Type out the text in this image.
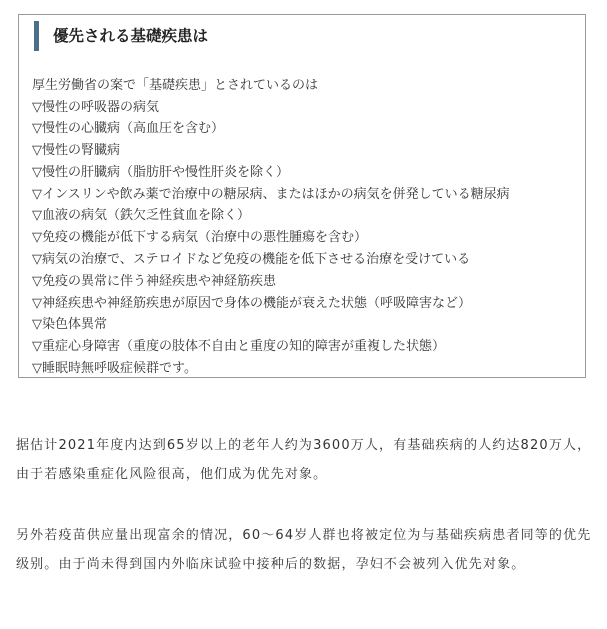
優先される基礎疾患は
厚生労働省の案で「基礎疾患」とされているのは
▽慢性の呼吸器の病気
▽慢性の心臓病（高血圧を含む）
▽慢性の腎臓病
▽慢性の肝臓病（脂肪肝や慢性肝炎を除く）
▽インスリンや飲み薬で治療中の糖尿病、またはほかの病気を併発している糖尿病
▽血液の病気（鉄欠乏性貧血を除く）
▽免疫の機能が低下する病気（治療中の悪性腫瘍を含む）
▽病気の治療で、ステロイドなど免疫の機能を低下させる治療を受けている
▽免疫の異常に伴う神経疾患や神経筋疾患
▽神経疾患や神経筋疾患が原因で身体の機能が衰えた状態（呼吸障害など）
▽染色体異常
▽重症心身障害（重度の肢体不自由と重度の知的障害が重複した状態）
▽睡眠時無呼吸症候群です。

据估计2021年度内达到65岁以上的老年人约为3600万人，有基础疾病的人约达820万人，由于若感染重症化风险很高，他们成为优先对象。

另外若疫苗供应量出现富余的情况，60～64岁人群也将被定位为与基础疾病患者同等的优先级别。由于尚未得到国内外临床试验中接种后的数据，孕妇不会被列入优先对象。
